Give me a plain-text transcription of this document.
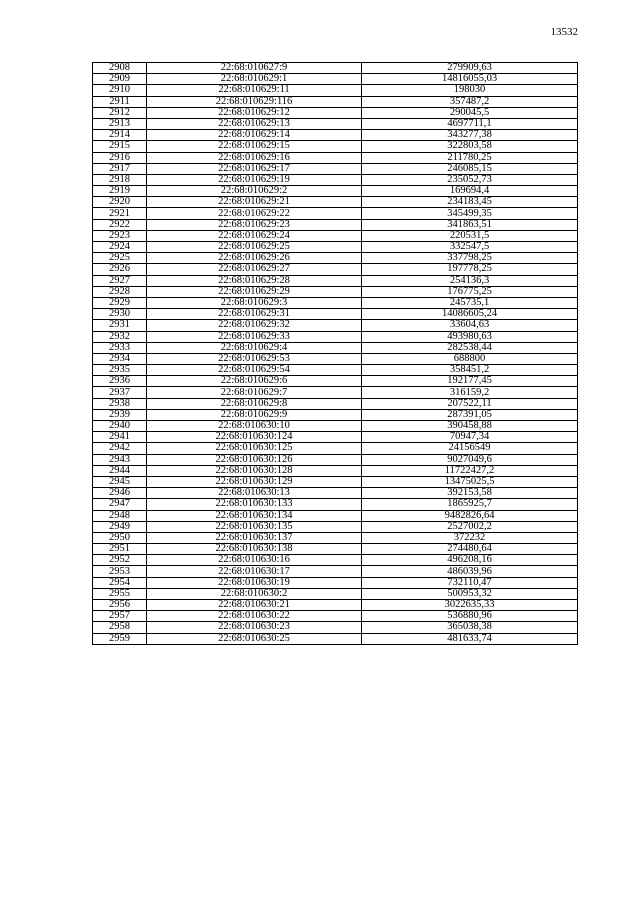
13532
2908	22:68:010627:9	279909,63
2909	22:68:010629:1	14816055,03
2910	22:68:010629:11	198030
2911	22:68:010629:116	357487,2
2912	22:68:010629:12	290045,5
2913	22:68:010629:13	4697711,1
2914	22:68:010629:14	343277,38
2915	22:68:010629:15	322803,58
2916	22:68:010629:16	211780,25
2917	22:68:010629:17	246085,15
2918	22:68:010629:19	235052,73
2919	22:68:010629:2	169694,4
2920	22:68:010629:21	234183,45
2921	22:68:010629:22	345499,35
2922	22:68:010629:23	341863,51
2923	22:68:010629:24	220531,5
2924	22:68:010629:25	332547,5
2925	22:68:010629:26	337798,25
2926	22:68:010629:27	197778,25
2927	22:68:010629:28	254136,3
2928	22:68:010629:29	176775,25
2929	22:68:010629:3	245735,1
2930	22:68:010629:31	14086605,24
2931	22:68:010629:32	33604,63
2932	22:68:010629:33	493980,63
2933	22:68:010629:4	282538,44
2934	22:68:010629:53	688800
2935	22:68:010629:54	358451,2
2936	22:68:010629:6	192177,45
2937	22:68:010629:7	316159,2
2938	22:68:010629:8	207522,11
2939	22:68:010629:9	287391,05
2940	22:68:010630:10	390458,88
2941	22:68:010630:124	70947,34
2942	22:68:010630:125	24156549
2943	22:68:010630:126	9027049,6
2944	22:68:010630:128	11722427,2
2945	22:68:010630:129	13475025,5
2946	22:68:010630:13	392153,58
2947	22:68:010630:133	1865925,7
2948	22:68:010630:134	9482826,64
2949	22:68:010630:135	2527002,2
2950	22:68:010630:137	372232
2951	22:68:010630:138	274480,64
2952	22:68:010630:16	496208,16
2953	22:68:010630:17	486039,96
2954	22:68:010630:19	732110,47
2955	22:68:010630:2	500953,32
2956	22:68:010630:21	3022635,33
2957	22:68:010630:22	536880,96
2958	22:68:010630:23	365038,38
2959	22:68:010630:25	481633,74
